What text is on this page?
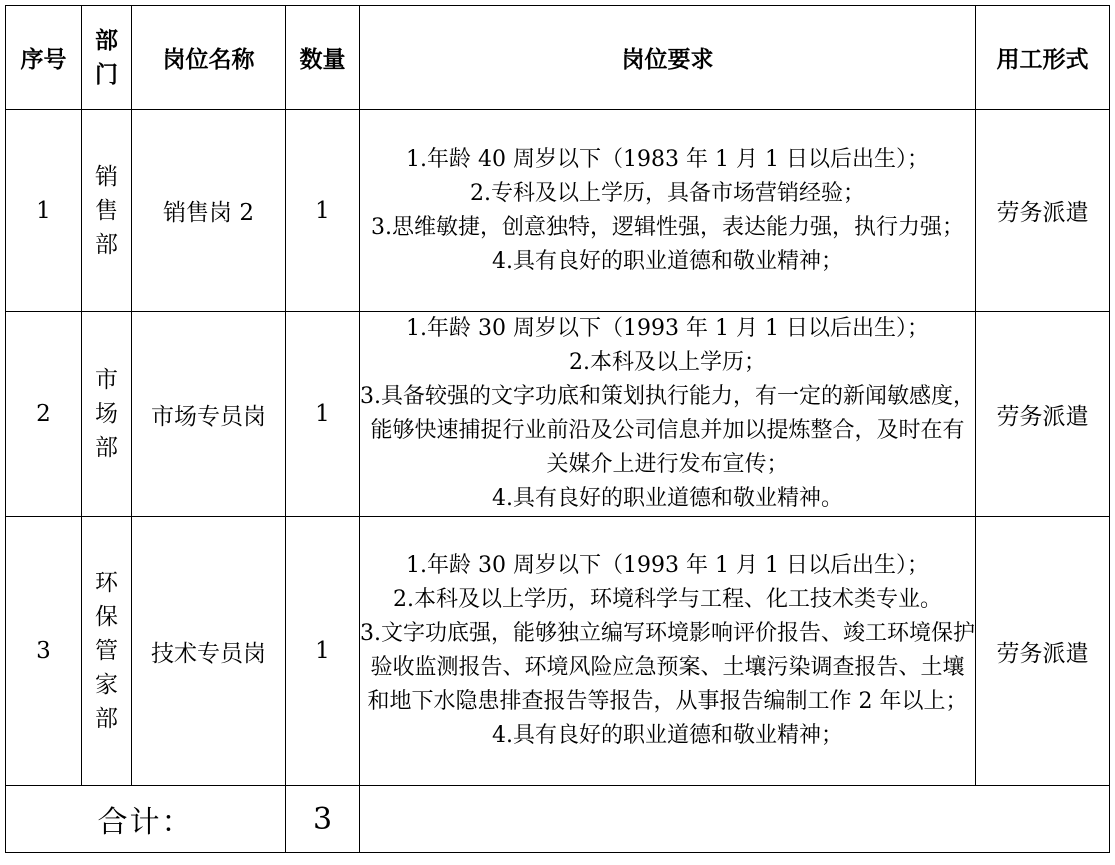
序号	部门	岗位名称	数量	岗位要求	用工形式
1	销售部	销售岗 2	1	1.年龄 40 周岁以下（1983 年 1 月 1 日以后出生）；
2.专科及以上学历，具备市场营销经验；
3.思维敏捷，创意独特，逻辑性强，表达能力强，执行力强；
4.具有良好的职业道德和敬业精神；	劳务派遣
2	市场部	市场专员岗	1	1.年龄 30 周岁以下（1993 年 1 月 1 日以后出生）；
2.本科及以上学历；
3.具备较强的文字功底和策划执行能力，有一定的新闻敏感度，能够快速捕捉行业前沿及公司信息并加以提炼整合，及时在有关媒介上进行发布宣传；
4.具有良好的职业道德和敬业精神。	劳务派遣
3	环保管家部	技术专员岗	1	1.年龄 30 周岁以下（1993 年 1 月 1 日以后出生）；
2.本科及以上学历，环境科学与工程、化工技术类专业。
3.文字功底强，能够独立编写环境影响评价报告、竣工环境保护验收监测报告、环境风险应急预案、土壤污染调查报告、土壤和地下水隐患排查报告等报告，从事报告编制工作 2 年以上；
4.具有良好的职业道德和敬业精神；	劳务派遣
合计：			3		
